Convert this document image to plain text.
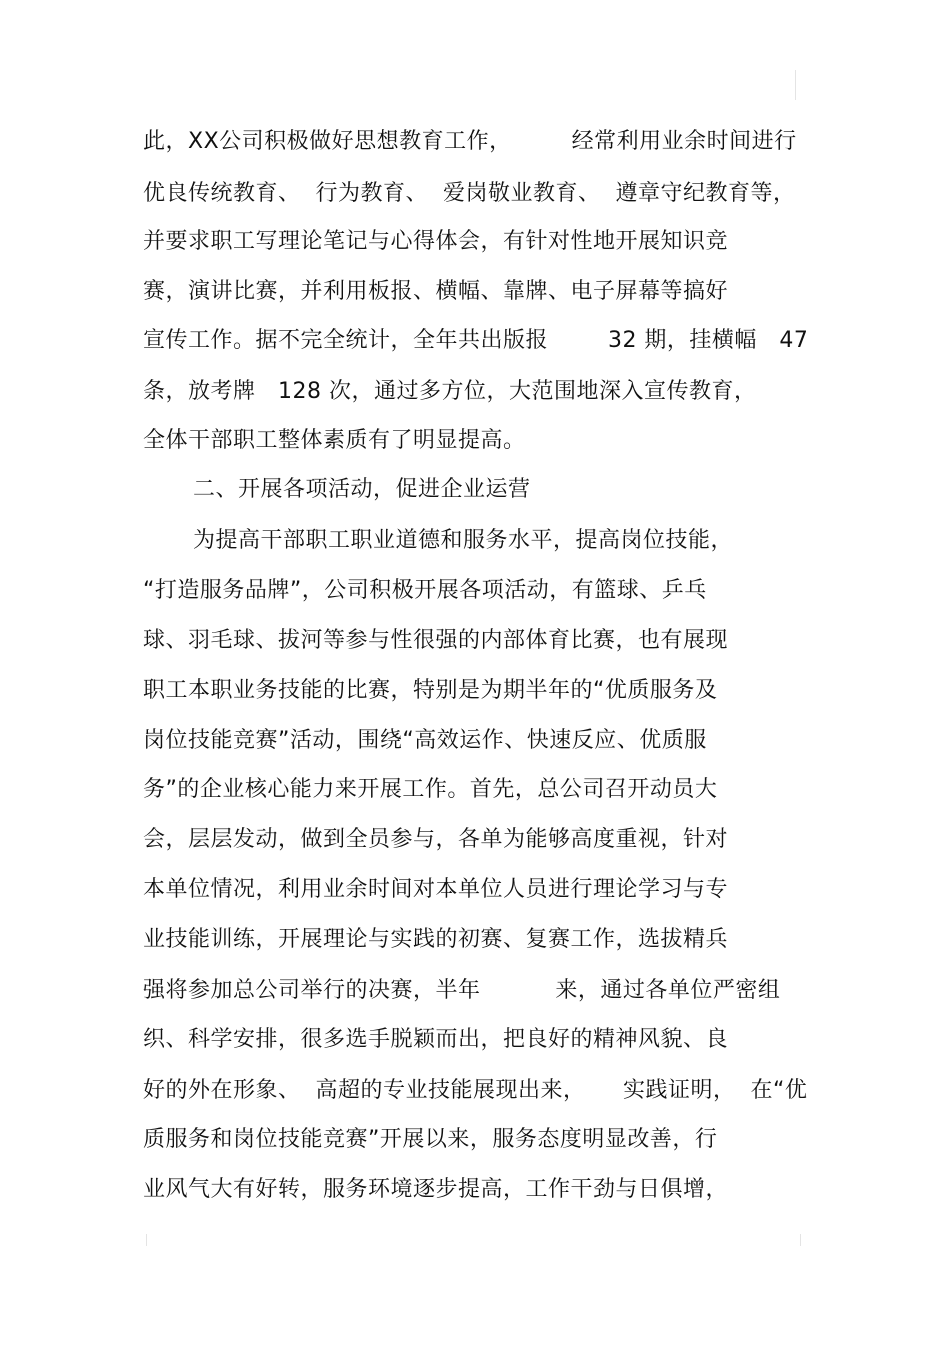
此，XX公司积极做好思想教育工作，        经常利用业余时间进行
优良传统教育、  行为教育、  爱岗敬业教育、  遵章守纪教育等，
并要求职工写理论笔记与心得体会，有针对性地开展知识竞
赛，演讲比赛，并利用板报、横幅、靠牌、电子屏幕等搞好
宣传工作。据不完全统计，全年共出版报        32 期，挂横幅   47
条，放考牌   128 次，通过多方位，大范围地深入宣传教育，
全体干部职工整体素质有了明显提高。
二、开展各项活动，促进企业运营
为提高干部职工职业道德和服务水平，提高岗位技能，
“打造服务品牌”，公司积极开展各项活动，有篮球、乒乓
球、羽毛球、拔河等参与性很强的内部体育比赛，也有展现
职工本职业务技能的比赛，特别是为期半年的“优质服务及
岗位技能竞赛”活动，围绕“高效运作、快速反应、优质服
务”的企业核心能力来开展工作。首先，总公司召开动员大
会，层层发动，做到全员参与，各单为能够高度重视，针对
本单位情况，利用业余时间对本单位人员进行理论学习与专
业技能训练，开展理论与实践的初赛、复赛工作，选拔精兵
强将参加总公司举行的决赛，半年          来，通过各单位严密组
织、科学安排，很多选手脱颖而出，把良好的精神风貌、良
好的外在形象、  高超的专业技能展现出来，     实践证明，  在“优
质服务和岗位技能竞赛”开展以来，服务态度明显改善，行
业风气大有好转，服务环境逐步提高，工作干劲与日俱增，
